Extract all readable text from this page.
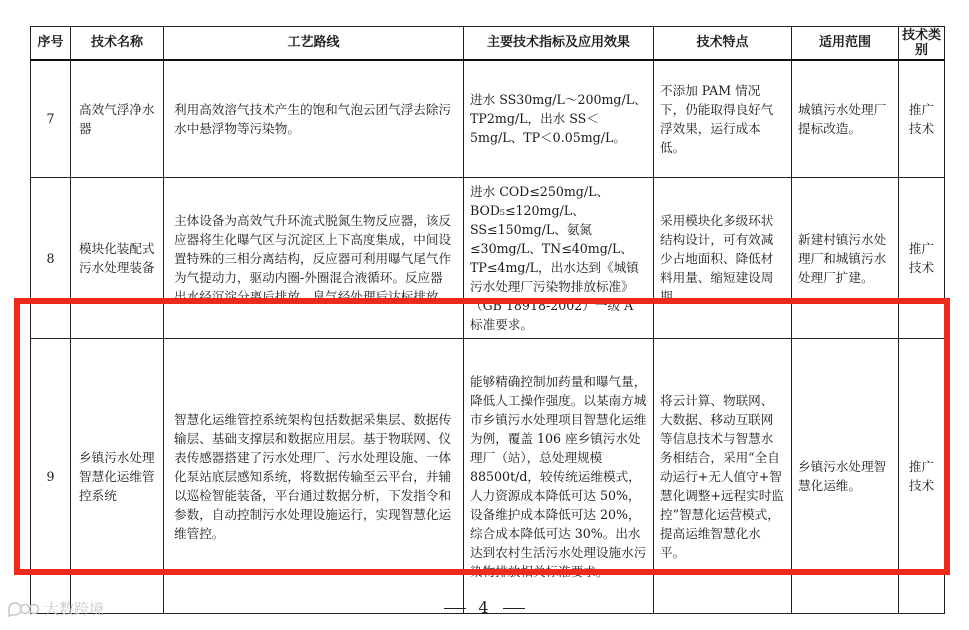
序号	技术名称	工艺路线	主要技术指标及应用效果	技术特点	适用范围	技术类别

7	高效气浮净水器	利用高效溶气技术产生的饱和气泡云团气浮去除污水中悬浮物等污染物。	进水 SS30mg/L～200mg/L、TP2mg/L，出水 SS＜5mg/L、TP＜0.05mg/L。	不添加 PAM 情况下，仍能取得良好气浮效果，运行成本低。	城镇污水处理厂提标改造。	推广技术

8	模块化装配式污水处理装备	主体设备为高效气升环流式脱氮生物反应器，该反应器将生化曝气区与沉淀区上下高度集成，中间设置特殊的三相分离结构，反应器可利用曝气尾气作为气提动力，驱动内圈-外圈混合液循环。反应器出水经沉淀分离后排放。臭气经处理后达标排放。	进水 COD≤250mg/L、BOD₅≤120mg/L、SS≤150mg/L、氨氮≤30mg/L、TN≤40mg/L、TP≤4mg/L，出水达到《城镇污水处理厂污染物排放标准》（GB 18918-2002）一级 A 标准要求。	采用模块化多级环状结构设计，可有效减少占地面积、降低材料用量、缩短建设周期。	新建村镇污水处理厂和城镇污水处理厂扩建。	推广技术

9	乡镇污水处理智慧化运维管控系统	智慧化运维管控系统架构包括数据采集层、数据传输层、基础支撑层和数据应用层。基于物联网、仪表传感器搭建了污水处理厂、污水处理设施、一体化泵站底层感知系统，将数据传输至云平台，并辅以巡检智能装备，平台通过数据分析，下发指令和参数，自动控制污水处理设施运行，实现智慧化运维管控。	能够精确控制加药量和曝气量，降低人工操作强度。以某南方城市乡镇污水处理项目智慧化运维为例，覆盖 106 座乡镇污水处理厂（站），总处理规模 88500t/d，较传统运维模式，人力资源成本降低可达 50%，设备维护成本降低可达 20%，综合成本降低可达 30%。出水达到农村生活污水处理设施水污染物排放相关标准要求。	将云计算、物联网、大数据、移动互联网等信息技术与智慧水务相结合，采用“全自动运行+无人值守+智慧化调整+远程实时监控”智慧化运营模式，提高运维智慧化水平。	乡镇污水处理智慧化运维。	推广技术
大数跨境	4
